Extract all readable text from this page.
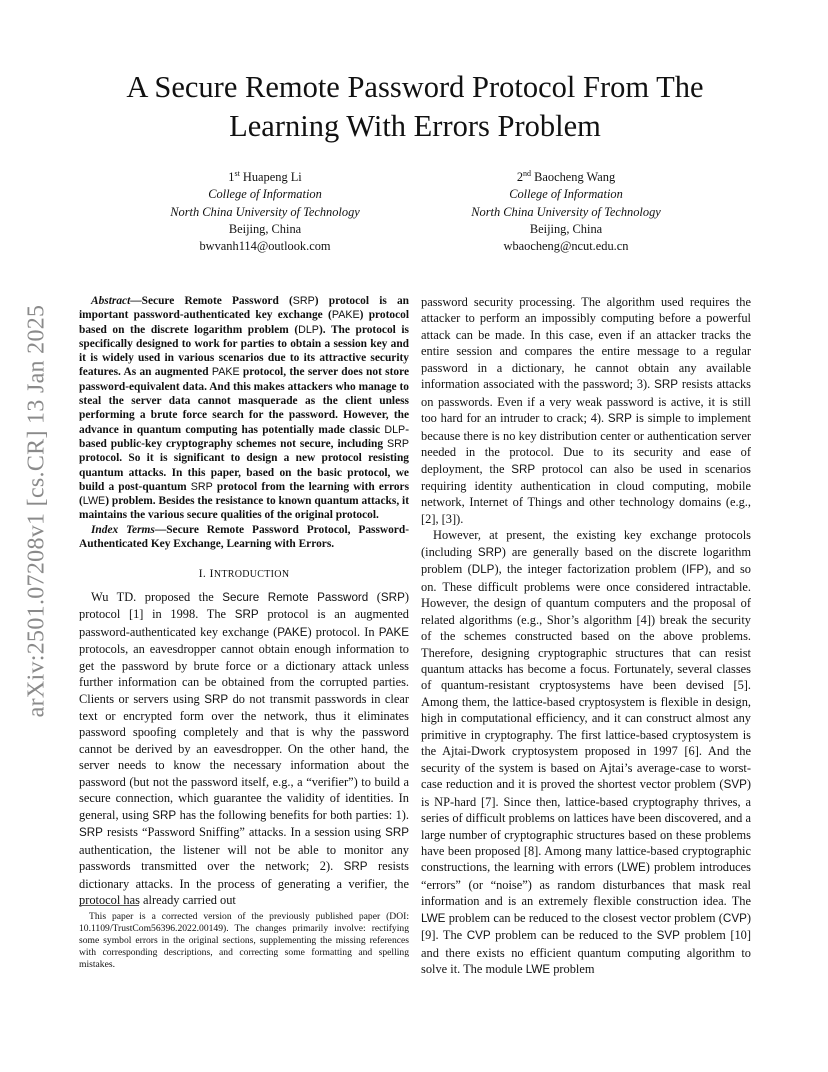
arXiv:2501.07208v1 [cs.CR] 13 Jan 2025
A Secure Remote Password Protocol From The Learning With Errors Problem
1st Huapeng Li
College of Information
North China University of Technology
Beijing, China
bwvanh114@outlook.com
2nd Baocheng Wang
College of Information
North China University of Technology
Beijing, China
wbaocheng@ncut.edu.cn

Abstract—Secure Remote Password (SRP) protocol is an important password-authenticated key exchange (PAKE) protocol based on the discrete logarithm problem (DLP). The protocol is specifically designed to work for parties to obtain a session key and it is widely used in various scenarios due to its attractive security features. As an augmented PAKE protocol, the server does not store password-equivalent data. And this makes attackers who manage to steal the server data cannot masquerade as the client unless performing a brute force search for the password. However, the advance in quantum computing has potentially made classic DLP-based public-key cryptography schemes not secure, including SRP protocol. So it is significant to design a new protocol resisting quantum attacks. In this paper, based on the basic protocol, we build a post-quantum SRP protocol from the learning with errors (LWE) problem. Besides the resistance to known quantum attacks, it maintains the various secure qualities of the original protocol.

Index Terms—Secure Remote Password Protocol, Password-Authenticated Key Exchange, Learning with Errors.

I. INTRODUCTION

Wu TD. proposed the Secure Remote Password (SRP) protocol [1] in 1998. The SRP protocol is an augmented password-authenticated key exchange (PAKE) protocol. In PAKE protocols, an eavesdropper cannot obtain enough information to get the password by brute force or a dictionary attack unless further information can be obtained from the corrupted parties. Clients or servers using SRP do not transmit passwords in clear text or encrypted form over the network, thus it eliminates password spoofing completely and that is why the password cannot be derived by an eavesdropper. On the other hand, the server needs to know the necessary information about the password (but not the password itself, e.g., a “verifier”) to build a secure connection, which guarantee the validity of identities. In general, using SRP has the following benefits for both parties: 1). SRP resists “Password Sniffing” attacks. In a session using SRP authentication, the listener will not be able to monitor any passwords transmitted over the network; 2). SRP resists dictionary attacks. In the process of generating a verifier, the protocol has already carried out

This paper is a corrected version of the previously published paper (DOI: 10.1109/TrustCom56396.2022.00149). The changes primarily involve: rectifying some symbol errors in the original sections, supplementing the missing references with corresponding descriptions, and correcting some formatting and spelling mistakes.

password security processing. The algorithm used requires the attacker to perform an impossibly computing before a powerful attack can be made. In this case, even if an attacker tracks the entire session and compares the entire message to a regular password in a dictionary, he cannot obtain any available information associated with the password; 3). SRP resists attacks on passwords. Even if a very weak password is active, it is still too hard for an intruder to crack; 4). SRP is simple to implement because there is no key distribution center or authentication server needed in the protocol. Due to its security and ease of deployment, the SRP protocol can also be used in scenarios requiring identity authentication in cloud computing, mobile network, Internet of Things and other technology domains (e.g., [2], [3]).

However, at present, the existing key exchange protocols (including SRP) are generally based on the discrete logarithm problem (DLP), the integer factorization problem (IFP), and so on. These difficult problems were once considered intractable. However, the design of quantum computers and the proposal of related algorithms (e.g., Shor’s algorithm [4]) break the security of the schemes constructed based on the above problems. Therefore, designing cryptographic structures that can resist quantum attacks has become a focus. Fortunately, several classes of quantum-resistant cryptosystems have been devised [5]. Among them, the lattice-based cryptosystem is flexible in design, high in computational efficiency, and it can construct almost any primitive in cryptography. The first lattice-based cryptosystem is the Ajtai-Dwork cryptosystem proposed in 1997 [6]. And the security of the system is based on Ajtai’s average-case to worst-case reduction and it is proved the shortest vector problem (SVP) is NP-hard [7]. Since then, lattice-based cryptography thrives, a series of difficult problems on lattices have been discovered, and a large number of cryptographic structures based on these problems have been proposed [8]. Among many lattice-based cryptographic constructions, the learning with errors (LWE) problem introduces “errors” (or “noise”) as random disturbances that mask real information and is an extremely flexible construction idea. The LWE problem can be reduced to the closest vector problem (CVP) [9]. The CVP problem can be reduced to the SVP problem [10] and there exists no efficient quantum computing algorithm to solve it. The module LWE problem
